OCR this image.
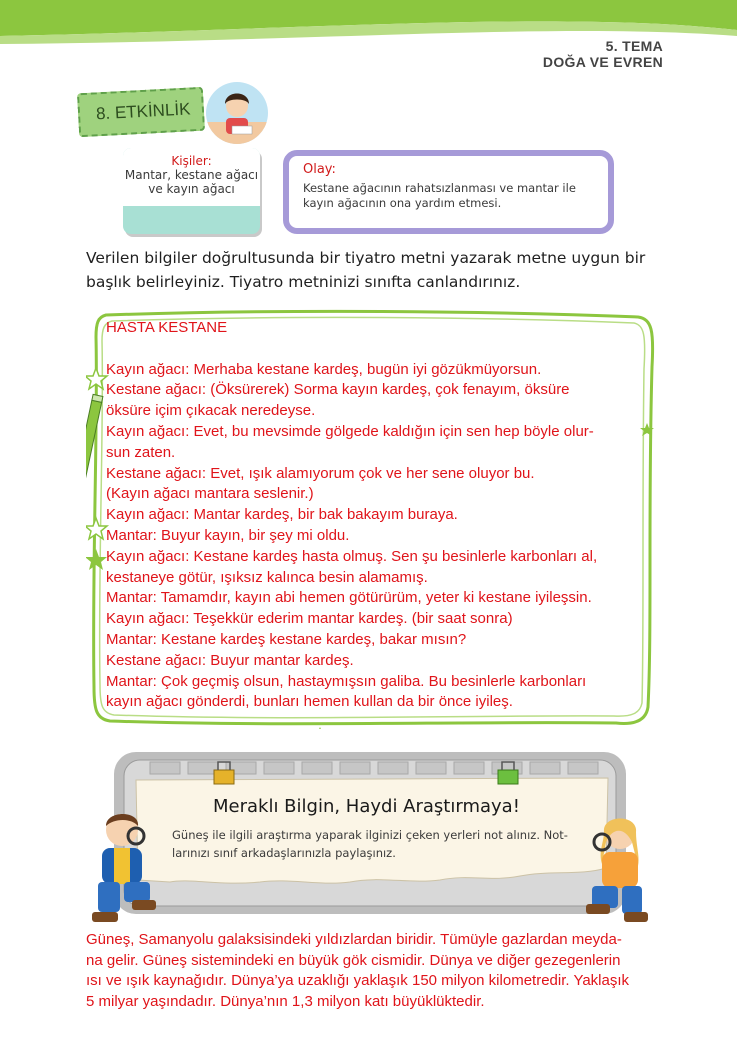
5. TEMA
DOĞA VE EVREN
8. ETKİNLİK
Kişiler:
Mantar, kestane ağacı
ve kayın ağacı
Olay:
Kestane ağacının rahatsızlanması ve mantar ile
kayın ağacının ona yardım etmesi.
Verilen bilgiler doğrultusunda bir tiyatro metni yazarak metne uygun bir
başlık belirleyiniz. Tiyatro metninizi sınıfta canlandırınız.
HASTA KESTANE
Kayın ağacı: Merhaba kestane kardeş, bugün iyi gözükmüyorsun.
Kestane ağacı: (Öksürerek) Sorma kayın kardeş, çok fenayım, öksüre
öksüre içim çıkacak neredeyse.
Kayın ağacı: Evet, bu mevsimde gölgede kaldığın için sen hep böyle olur-
sun zaten.
Kestane ağacı: Evet, ışık alamıyorum çok ve her sene oluyor bu.
(Kayın ağacı mantara seslenir.)
Kayın ağacı: Mantar kardeş, bir bak bakayım buraya.
Mantar: Buyur kayın, bir şey mi oldu.
Kayın ağacı: Kestane kardeş hasta olmuş. Sen şu besinlerle karbonları al,
kestaneye götür, ışıksız kalınca besin alamamış.
Mantar: Tamamdır, kayın abi hemen götürürüm, yeter ki kestane iyileşsin.
Kayın ağacı: Teşekkür ederim mantar kardeş. (bir saat sonra)
Mantar: Kestane kardeş kestane kardeş, bakar mısın?
Kestane ağacı: Buyur mantar kardeş.
Mantar: Çok geçmiş olsun, hastaymışsın galiba. Bu besinlerle karbonları
kayın ağacı gönderdi, bunları hemen kullan da bir önce iyileş.
Meraklı Bilgin, Haydi Araştırmaya!
Güneş ile ilgili araştırma yaparak ilginizi çeken yerleri not alınız. Not-
larınızı sınıf arkadaşlarınızla paylaşınız.
Güneş, Samanyolu galaksisindeki yıldızlardan biridir. Tümüyle gazlardan meyda-
na gelir. Güneş sistemindeki en büyük gök cismidir. Dünya ve diğer gezegenlerin
ısı ve ışık kaynağıdır. Dünya’ya uzaklığı yaklaşık 150 milyon kilometredir. Yaklaşık
5 milyar yaşındadır. Dünya’nın 1,3 milyon katı büyüklüktedir.
